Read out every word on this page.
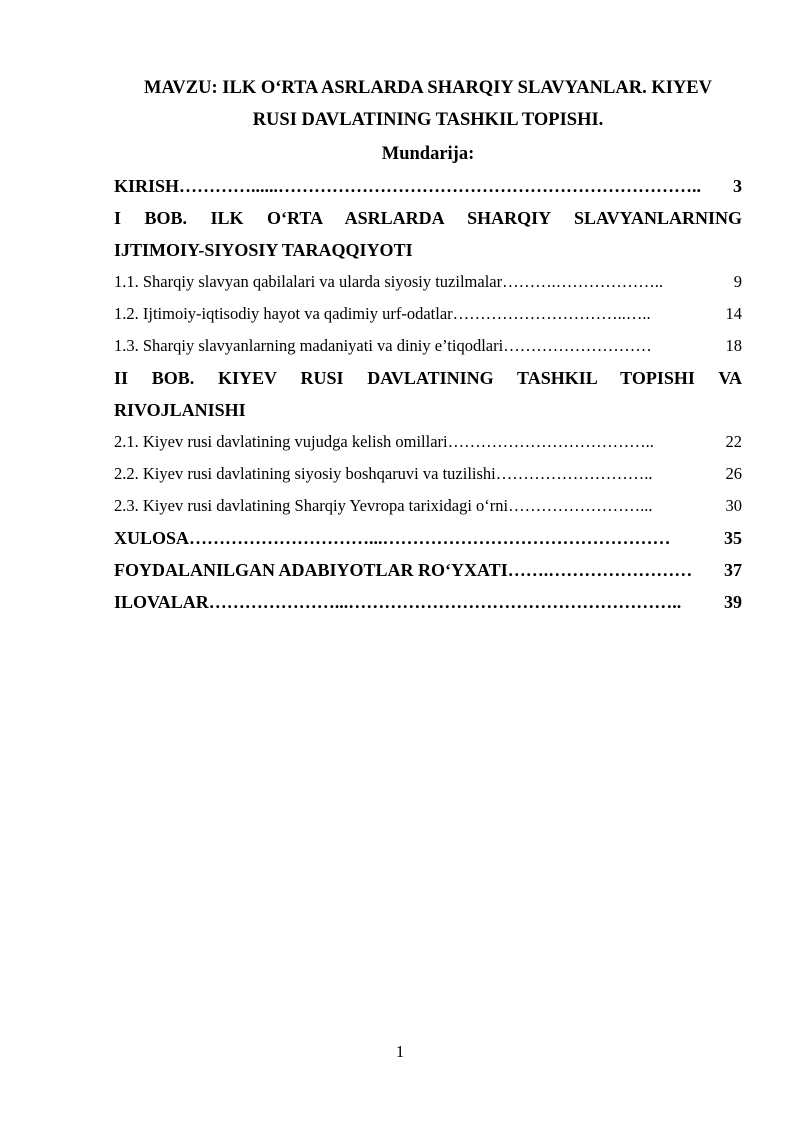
MAVZU: ILK O‘RTA ASRLARDA SHARQIY SLAVYANLAR. KIYEV

RUSI DAVLATINING TASHKIL TOPISHI.

Mundarija:

KIRISH …………......……………………………………………………………..	3
I BOB. ILK O‘RTA ASRLARDA SHARQIY SLAVYANLARNING
IJTIMOIY-SIYOSIY TARAQQIYOTI
1.1. Sharqiy slavyan qabilalari va ularda siyosiy tuzilmalar ……….………………..	9
1.2. Ijtimoiy-iqtisodiy hayot va qadimiy urf-odatlar …………………………..…..	14
1.3. Sharqiy slavyanlarning madaniyati va diniy e’tiqodlari ………………………	18
II BOB. KIYEV RUSI DAVLATINING TASHKIL TOPISHI VA
RIVOJLANISHI
2.1. Kiyev rusi davlatining vujudga kelish omillari ………………………………..	22
2.2. Kiyev rusi davlatining siyosiy boshqaruvi va tuzilishi ………………………..	26
2.3. Kiyev rusi davlatining Sharqiy Yevropa tarixidagi o‘rni ……………………...	30
XULOSA …………………………...…………………………………………	35
FOYDALANILGAN ADABIYOTLAR RO‘YXATI …….……………………	37
ILOVALAR …………………...………………………………………………..	39

1
